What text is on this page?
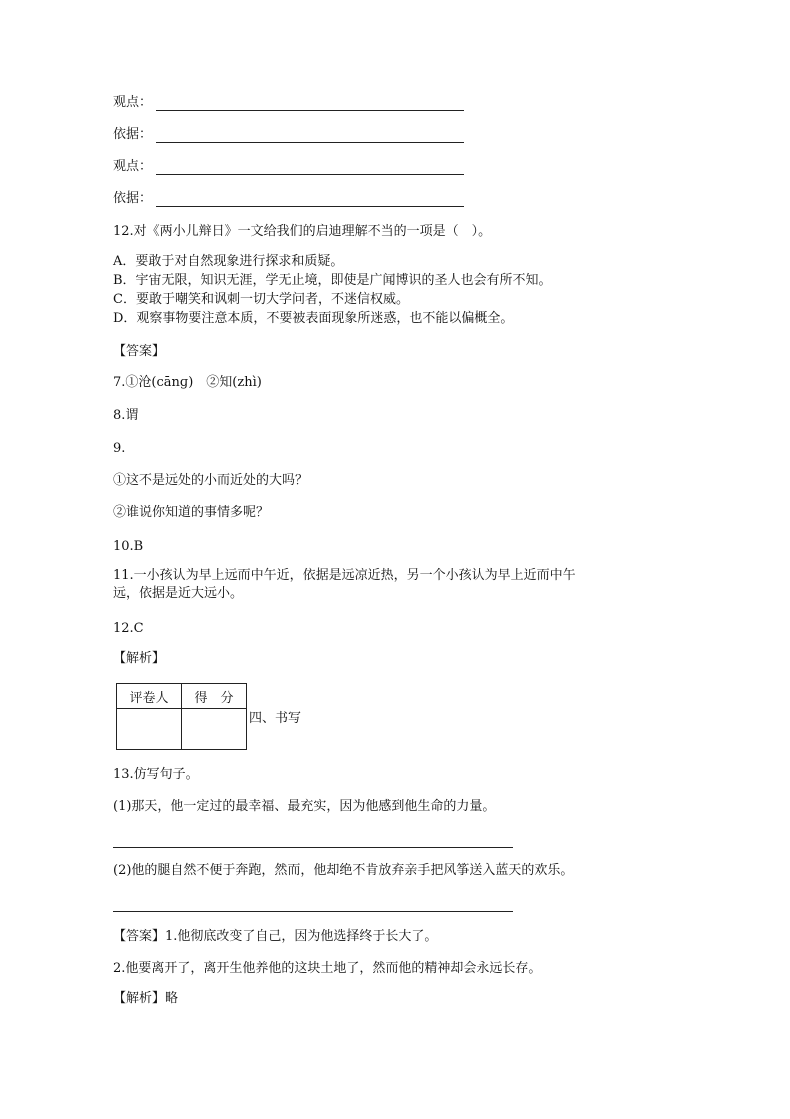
观点：
依据：
观点：
依据：
12.对《两小儿辩日》一文给我们的启迪理解不当的一项是（　）。
A．要敢于对自然现象进行探求和质疑。
B．宇宙无限，知识无涯，学无止境，即使是广闻博识的圣人也会有所不知。
C．要敢于嘲笑和讽刺一切大学问者，不迷信权威。
D．观察事物要注意本质，不要被表面现象所迷惑，也不能以偏概全。
【答案】
7.①沧(cānɡ)　②知(zhì)
8.谓
9.
①这不是远处的小而近处的大吗？
②谁说你知道的事情多呢？
10.B
11.一小孩认为早上远而中午近，依据是远凉近热，另一个小孩认为早上近而中午远，依据是近大远小。
12.C
【解析】
评卷人	得　分

四、书写
13.仿写句子。
(1)那天，他一定过的最幸福、最充实，因为他感到他生命的力量。
(2)他的腿自然不便于奔跑，然而，他却绝不肯放弃亲手把风筝送入蓝天的欢乐。
【答案】1.他彻底改变了自己，因为他选择终于长大了。
2.他要离开了，离开生他养他的这块土地了，然而他的精神却会永远长存。
【解析】略
